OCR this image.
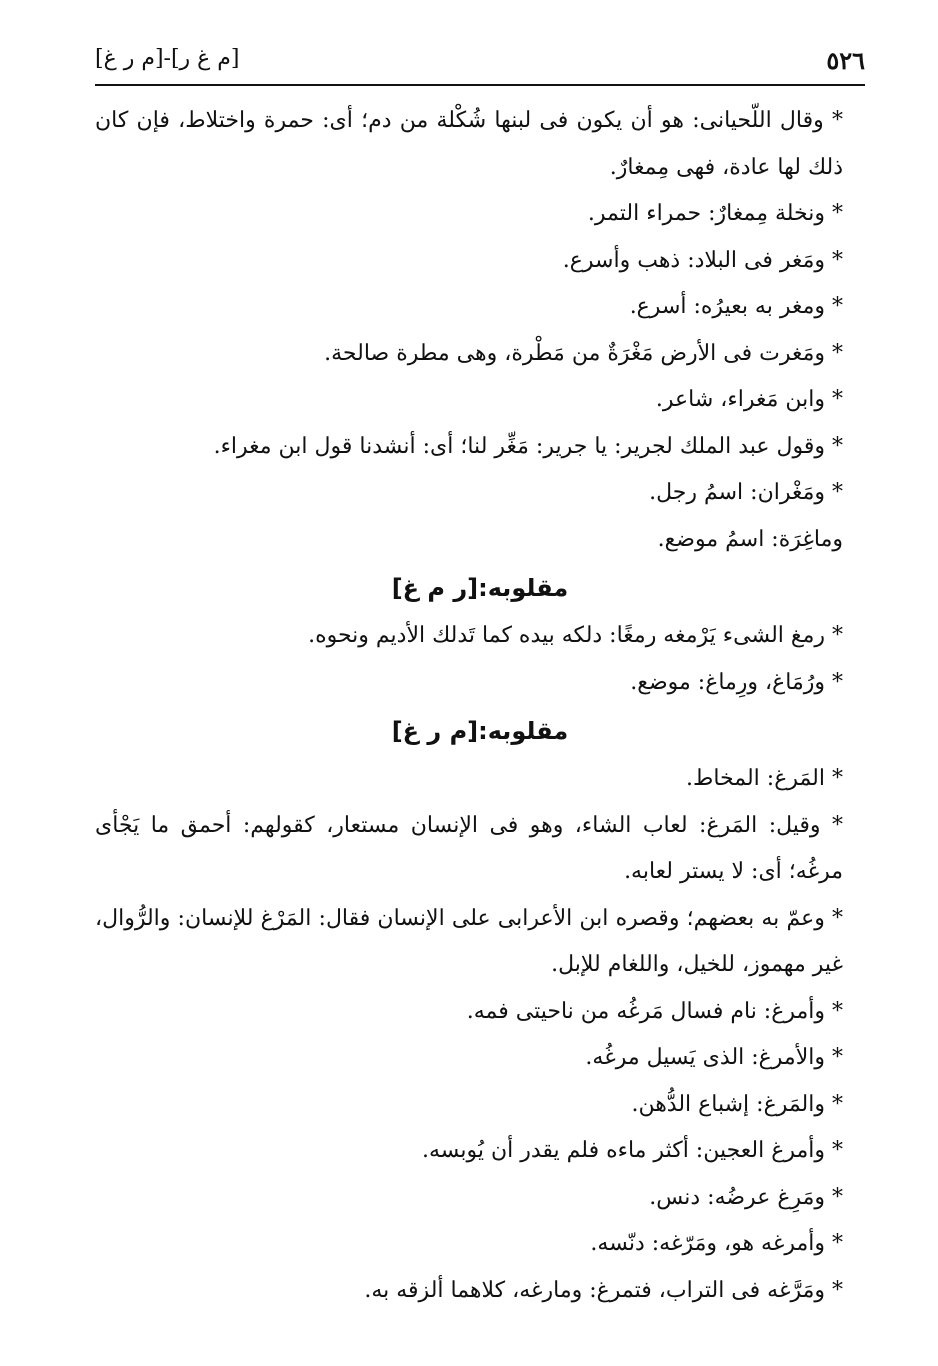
٥٢٦
[م غ ر]-[م ر غ]

* وقال اللّحيانى: هو أن يكون فى لبنها شُكْلة من دم؛ أى: حمرة واختلاط، فإن كان ذلك لها عادة، فهى مِمغارٌ.

* ونخلة مِمغارٌ: حمراء التمر.

* ومَغر فى البلاد: ذهب وأسرع.

* ومغر به بعيرُه: أسرع.

* ومَغرت فى الأرض مَغْرَةٌ من مَطْرة، وهى مطرة صالحة.

* وابن مَغراء، شاعر.

* وقول عبد الملك لجرير: يا جرير: مَغِّر لنا؛ أى: أنشدنا قول ابن مغراء.

* ومَغْران: اسمُ رجل.

وماغِرَة: اسمُ موضع.

مقلوبه:[ر م غ]

* رمغ الشىء يَرْمغه رمغًا: دلكه بيده كما تَدلك الأديم ونحوه.

* ورُمَاغ، ورِماغ: موضع.

مقلوبه:[م ر غ]

* المَرغ: المخاط.

* وقيل: المَرغ: لعاب الشاء، وهو فى الإنسان مستعار، كقولهم: أحمق ما يَجْأى مرغُه؛ أى: لا يستر لعابه.

* وعمّ به بعضهم؛ وقصره ابن الأعرابى على الإنسان فقال: المَرْغ للإنسان: والرُّوال، غير مهموز، للخيل، واللغام للإبل.

* وأمرغ: نام فسال مَرغُه من ناحيتى فمه.

* والأمرغ: الذى يَسيل مرغُه.

* والمَرغ: إشباع الدُّهن.

* وأمرغ العجين: أكثر ماءه فلم يقدر أن يُوبسه.

* ومَرِغ عرضُه: دنس.

* وأمرغه هو، ومَرّغه: دنّسه.

* ومَرَّغه فى التراب، فتمرغ: ومارغه، كلاهما ألزقه به.
